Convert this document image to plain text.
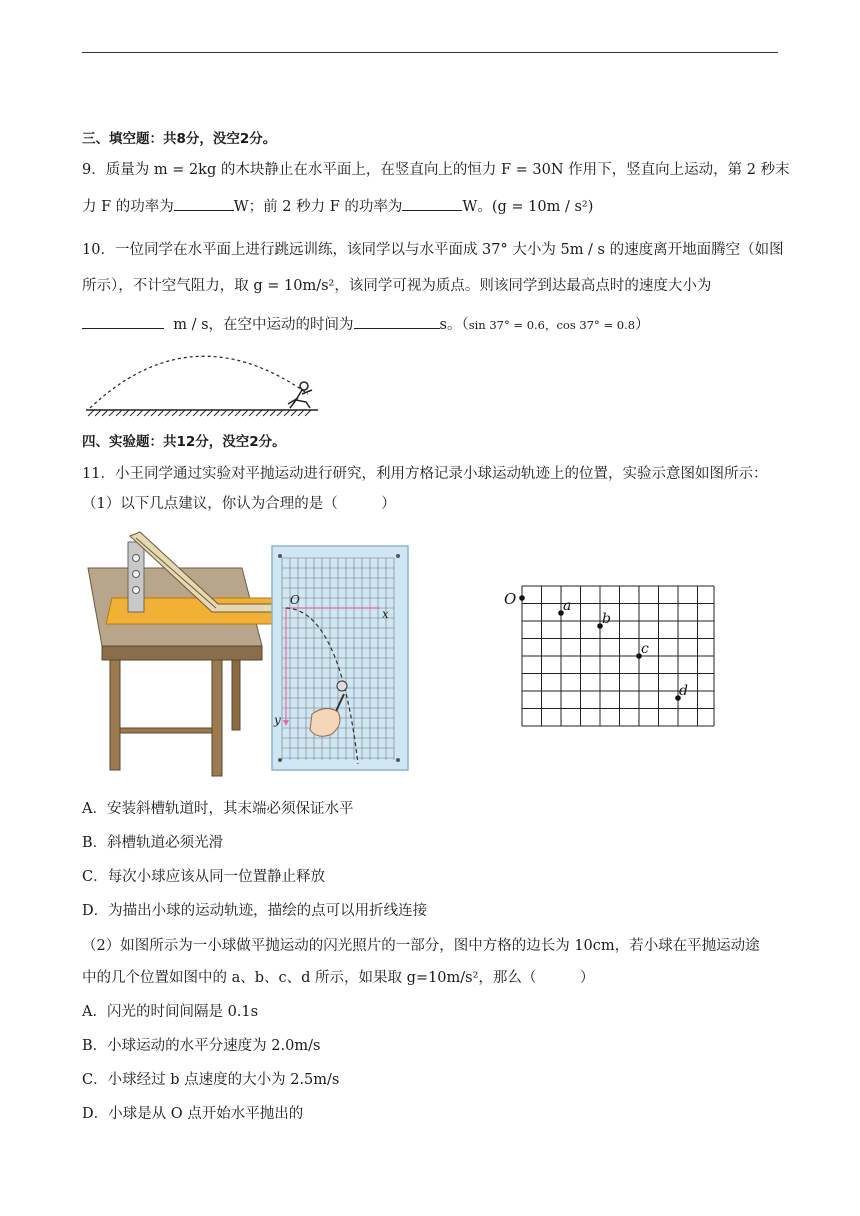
三、填空题：共8分，没空2分。
9．质量为 m = 2kg 的木块静止在水平面上，在竖直向上的恒力 F = 30N 作用下，竖直向上运动，第 2 秒末
力 F 的功率为	W；前 2 秒力 F 的功率为	W。(g = 10m / s²)
10．一位同学在水平面上进行跳远训练，该同学以与水平面成 37° 大小为 5m / s 的速度离开地面腾空（如图
所示），不计空气阻力，取 g = 10m/s²，该同学可视为质点。则该同学到达最高点时的速度大小为
m / s，在空中运动的时间为	s。（sin 37° = 0.6，cos 37° = 0.8）
四、实验题：共12分，没空2分。
11．小王同学通过实验对平抛运动进行研究，利用方格记录小球运动轨迹上的位置，实验示意图如图所示：
（1）以下几点建议，你认为合理的是（　　　）
O
x
y
O	a
b
c
d
A．安装斜槽轨道时，其末端必须保证水平
B．斜槽轨道必须光滑
C．每次小球应该从同一位置静止释放
D．为描出小球的运动轨迹，描绘的点可以用折线连接
（2）如图所示为一小球做平抛运动的闪光照片的一部分，图中方格的边长为 10cm，若小球在平抛运动途
中的几个位置如图中的 a、b、c、d 所示，如果取 g=10m/s²，那么（　　　）
A．闪光的时间间隔是 0.1s
B．小球运动的水平分速度为 2.0m/s
C．小球经过 b 点速度的大小为 2.5m/s
D．小球是从 O 点开始水平抛出的
